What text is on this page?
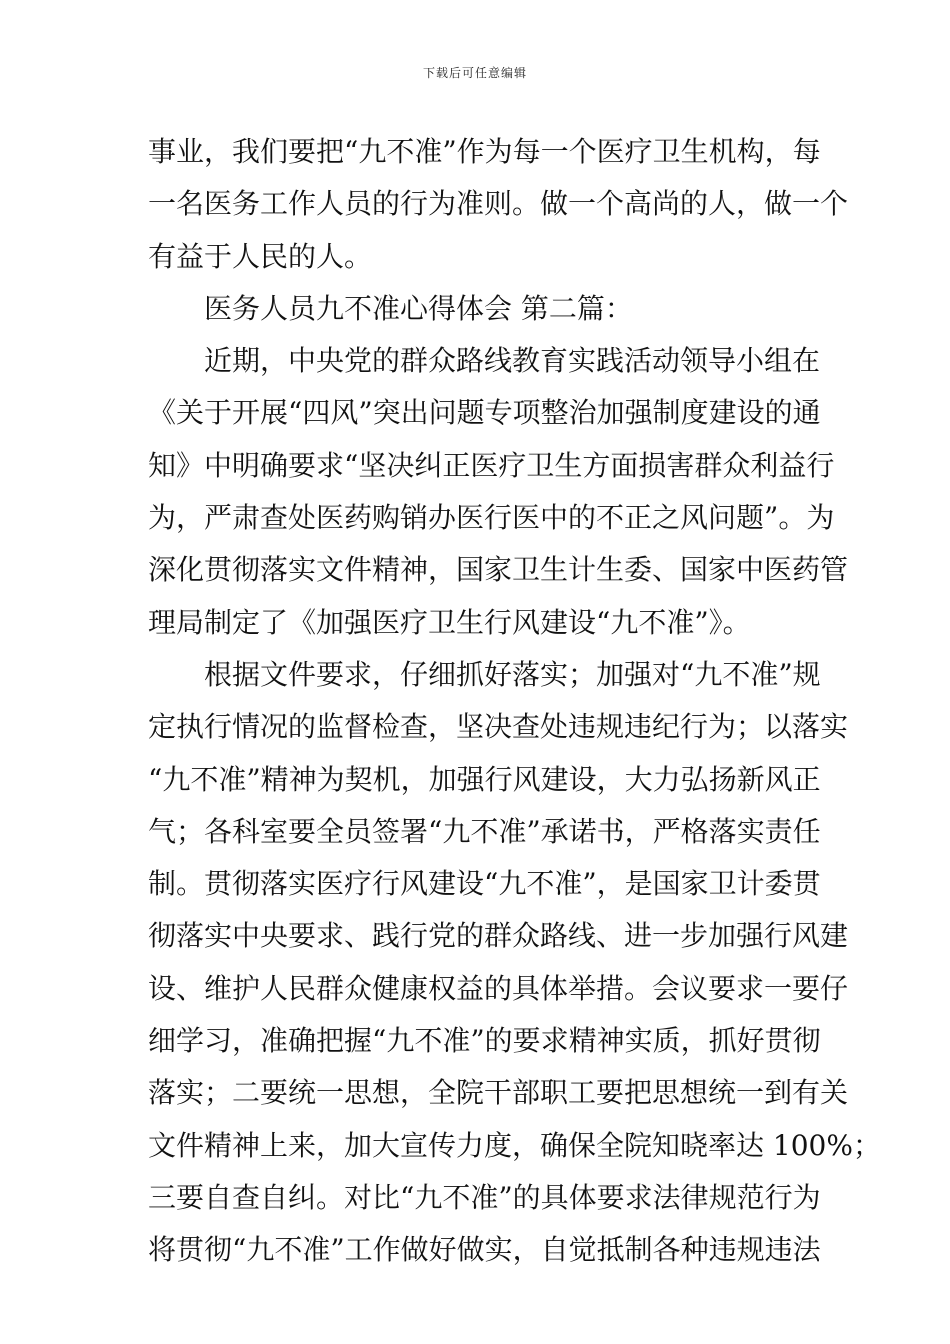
下载后可任意编辑
事业，我们要把“九不准”作为每一个医疗卫生机构，每
一名医务工作人员的行为准则。做一个高尚的人，做一个
有益于人民的人。
医务人员九不准心得体会 第二篇：
近期，中央党的群众路线教育实践活动领导小组在
《关于开展“四风”突出问题专项整治加强制度建设的通
知》中明确要求“坚决纠正医疗卫生方面损害群众利益行
为，严肃查处医药购销办医行医中的不正之风问题”。为
深化贯彻落实文件精神，国家卫生计生委、国家中医药管
理局制定了《加强医疗卫生行风建设“九不准”》。
根据文件要求，仔细抓好落实；加强对“九不准”规
定执行情况的监督检查，坚决查处违规违纪行为；以落实
“九不准”精神为契机，加强行风建设，大力弘扬新风正
气；各科室要全员签署“九不准”承诺书，严格落实责任
制。贯彻落实医疗行风建设“九不准”，是国家卫计委贯
彻落实中央要求、践行党的群众路线、进一步加强行风建
设、维护人民群众健康权益的具体举措。会议要求一要仔
细学习，准确把握“九不准”的要求精神实质，抓好贯彻
落实；二要统一思想，全院干部职工要把思想统一到有关
文件精神上来，加大宣传力度，确保全院知晓率达 100%；
三要自查自纠。对比“九不准”的具体要求法律规范行为
将贯彻“九不准”工作做好做实，自觉抵制各种违规违法
